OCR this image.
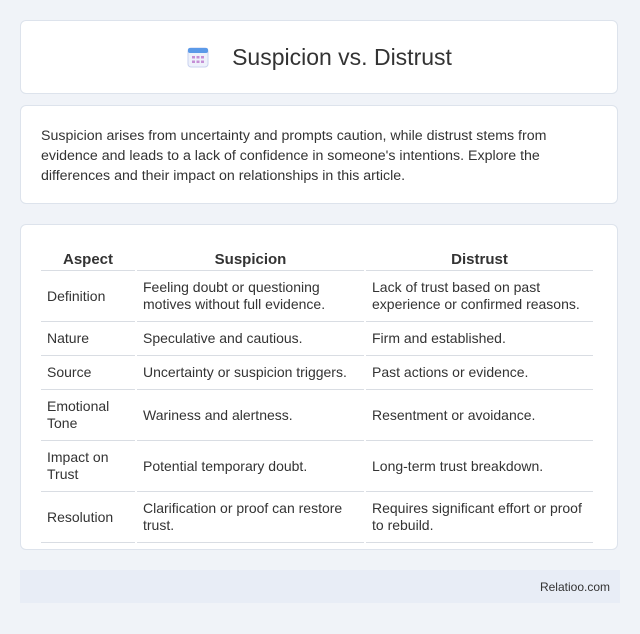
Suspicion vs. Distrust

Suspicion arises from uncertainty and prompts caution, while distrust stems from evidence and leads to a lack of confidence in someone's intentions. Explore the differences and their impact on relationships in this article.

Aspect	Suspicion	Distrust
Definition	Feeling doubt or questioning motives without full evidence.	Lack of trust based on past experience or confirmed reasons.
Nature	Speculative and cautious.	Firm and established.
Source	Uncertainty or suspicion triggers.	Past actions or evidence.
Emotional Tone	Wariness and alertness.	Resentment or avoidance.
Impact on Trust	Potential temporary doubt.	Long-term trust breakdown.
Resolution	Clarification or proof can restore trust.	Requires significant effort or proof to rebuild.
Relatioo.com
